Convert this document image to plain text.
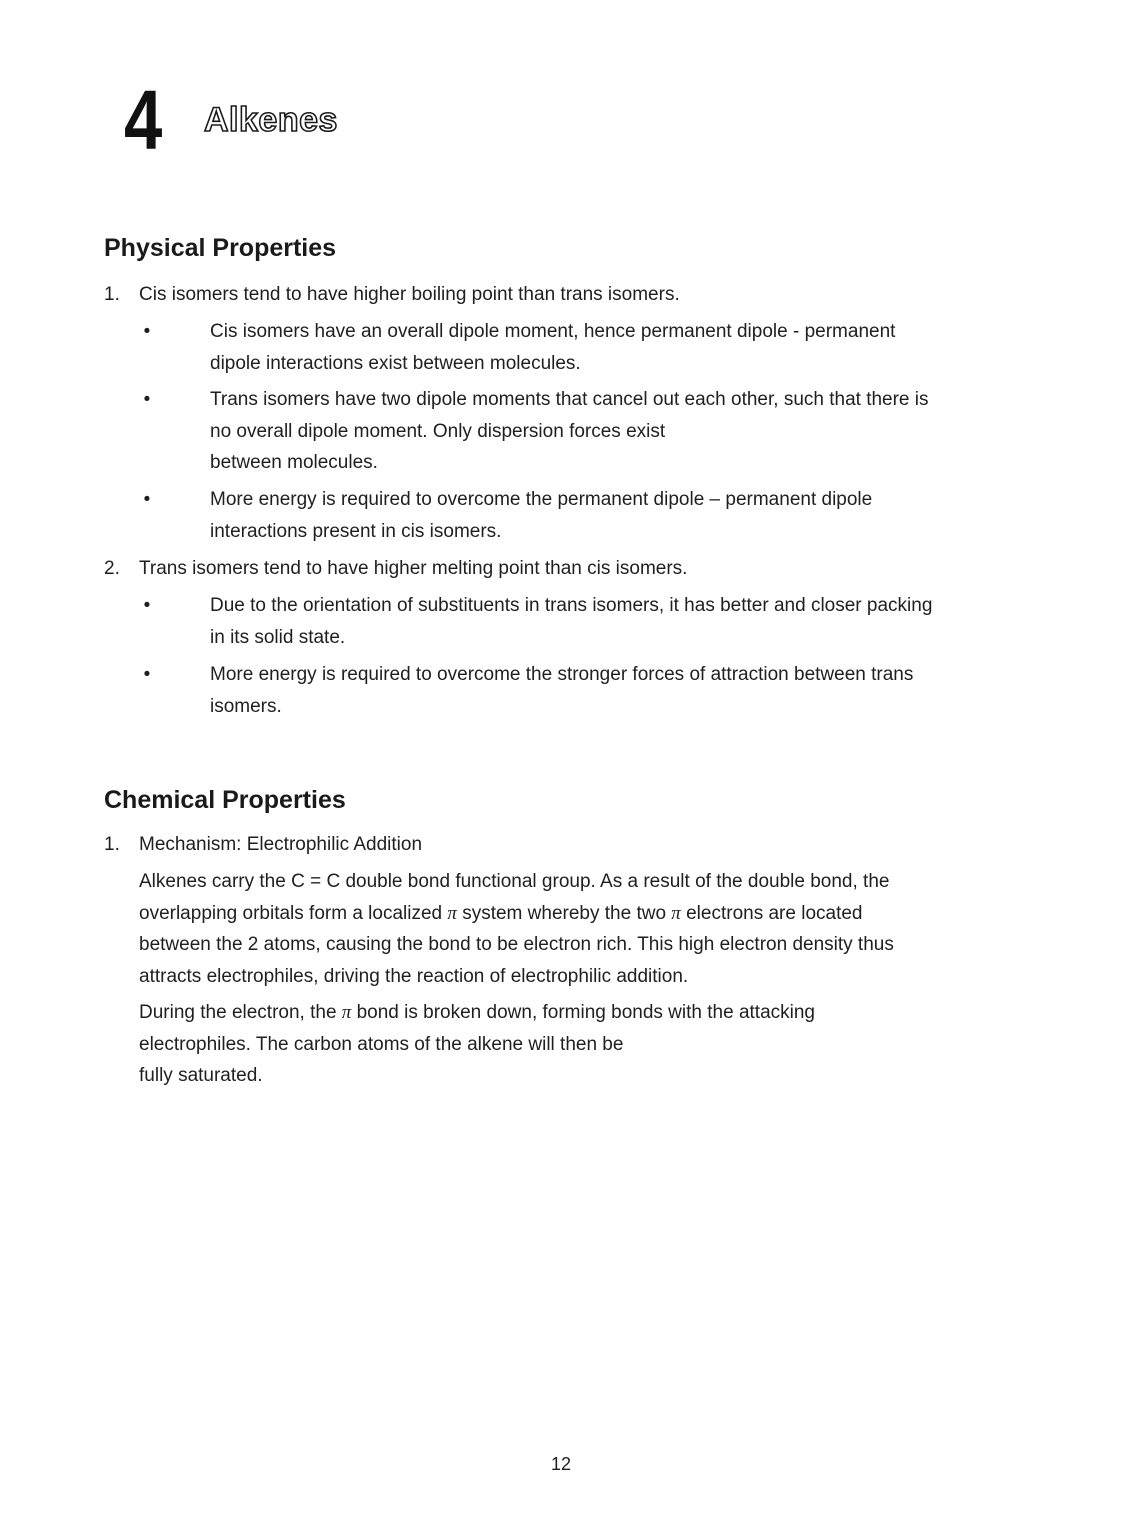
4 Alkenes
Physical Properties
1. Cis isomers tend to have higher boiling point than trans isomers.
•	Cis isomers have an overall dipole moment, hence permanent dipole - permanent
dipole interactions exist between molecules.
•	Trans isomers have two dipole moments that cancel out each other, such that there is
no overall dipole moment. Only dispersion forces exist
between molecules.
•	More energy is required to overcome the permanent dipole – permanent dipole
interactions present in cis isomers.
2. Trans isomers tend to have higher melting point than cis isomers.
•	Due to the orientation of substituents in trans isomers, it has better and closer packing
in its solid state.
•	More energy is required to overcome the stronger forces of attraction between trans
isomers.
Chemical Properties
1. Mechanism: Electrophilic Addition
Alkenes carry the C = C double bond functional group. As a result of the double bond, the
overlapping orbitals form a localized π system whereby the two π electrons are located
between the 2 atoms, causing the bond to be electron rich. This high electron density thus
attracts electrophiles, driving the reaction of electrophilic addition.
During the electron, the π bond is broken down, forming bonds with the attacking
electrophiles. The carbon atoms of the alkene will then be
fully saturated.
12
